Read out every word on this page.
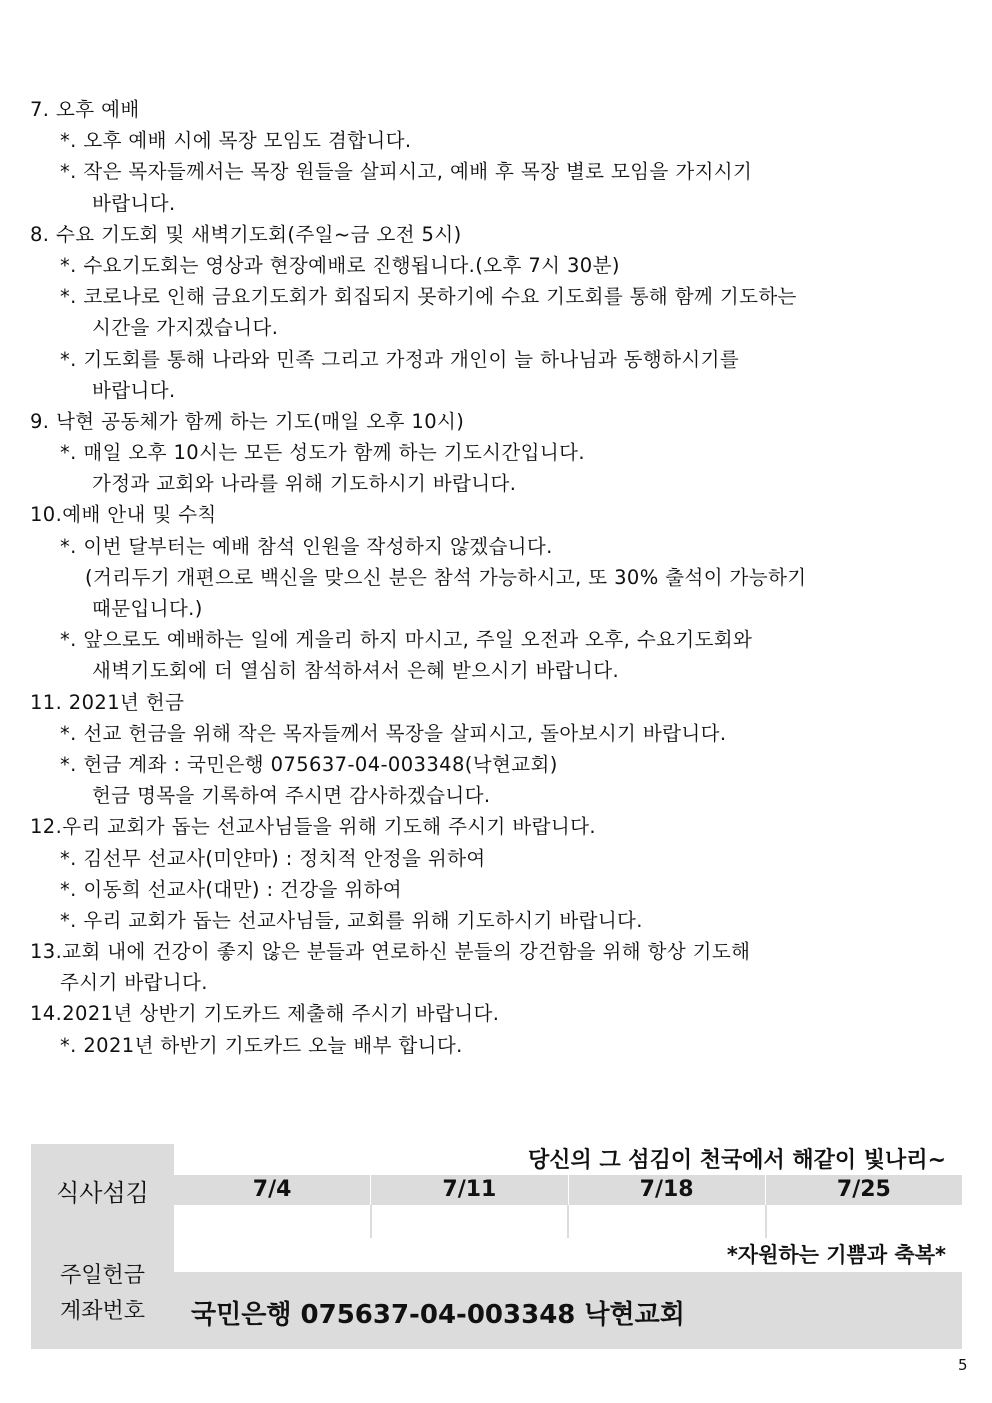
7. 오후 예배
*. 오후 예배 시에 목장 모임도 겸합니다.
*. 작은 목자들께서는 목장 원들을 살피시고, 예배 후 목장 별로 모임을 가지시기
바랍니다.
8. 수요 기도회 및 새벽기도회(주일~금 오전 5시)
*. 수요기도회는 영상과 현장예배로 진행됩니다.(오후 7시 30분)
*. 코로나로 인해 금요기도회가 회집되지 못하기에 수요 기도회를 통해 함께 기도하는
시간을 가지겠습니다.
*. 기도회를 통해 나라와 민족 그리고 가정과 개인이 늘 하나님과 동행하시기를
바랍니다.
9. 낙현 공동체가 함께 하는 기도(매일 오후 10시)
*. 매일 오후 10시는 모든 성도가 함께 하는 기도시간입니다.
가정과 교회와 나라를 위해 기도하시기 바랍니다.
10.예배 안내 및 수칙
*. 이번 달부터는 예배 참석 인원을 작성하지 않겠습니다.
(거리두기 개편으로 백신을 맞으신 분은 참석 가능하시고, 또 30% 출석이 가능하기
때문입니다.)
*. 앞으로도 예배하는 일에 게을리 하지 마시고, 주일 오전과 오후, 수요기도회와
새벽기도회에 더 열심히 참석하셔서 은혜 받으시기 바랍니다.
11. 2021년 헌금
*. 선교 헌금을 위해 작은 목자들께서 목장을 살피시고, 돌아보시기 바랍니다.
*. 헌금 계좌 : 국민은행 075637-04-003348(낙현교회)
헌금 명목을 기록하여 주시면 감사하겠습니다.
12.우리 교회가 돕는 선교사님들을 위해 기도해 주시기 바랍니다.
*. 김선무 선교사(미얀마) : 정치적 안정을 위하여
*. 이동희 선교사(대만) : 건강을 위하여
*. 우리 교회가 돕는 선교사님들, 교회를 위해 기도하시기 바랍니다.
13.교회 내에 건강이 좋지 않은 분들과 연로하신 분들의 강건함을 위해 항상 기도해
주시기 바랍니다.
14.2021년 상반기 기도카드 제출해 주시기 바랍니다.
*. 2021년 하반기 기도카드 오늘 배부 합니다.
식사섬김
당신의 그 섬김이 천국에서 해같이 빛나리~
7/4	7/11	7/18	7/25
*자원하는 기쁨과 축복*
주일헌금
계좌번호	국민은행 075637-04-003348 낙현교회
5
